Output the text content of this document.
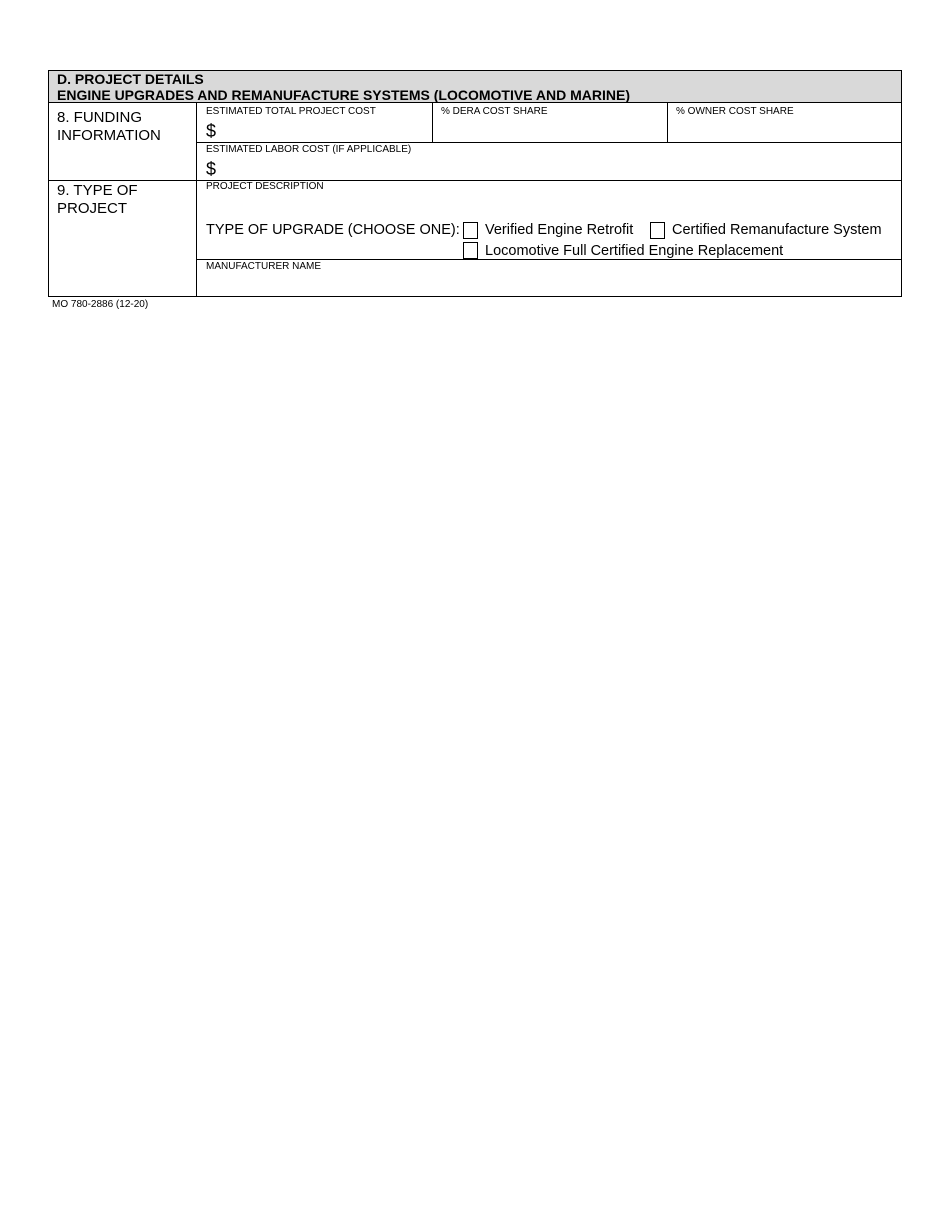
D. PROJECT DETAILS
ENGINE UPGRADES AND REMANUFACTURE SYSTEMS (LOCOMOTIVE AND MARINE)
8. FUNDING
INFORMATION
ESTIMATED TOTAL PROJECT COST
$
% DERA COST SHARE	% OWNER COST SHARE
ESTIMATED LABOR COST (IF APPLICABLE)
$
9. TYPE OF
PROJECT
PROJECT DESCRIPTION
TYPE OF UPGRADE (CHOOSE ONE): Verified Engine Retrofit	Certified Remanufacture System
Locomotive Full Certified Engine Replacement
MANUFACTURER NAME
MO 780-2886 (12-20)
